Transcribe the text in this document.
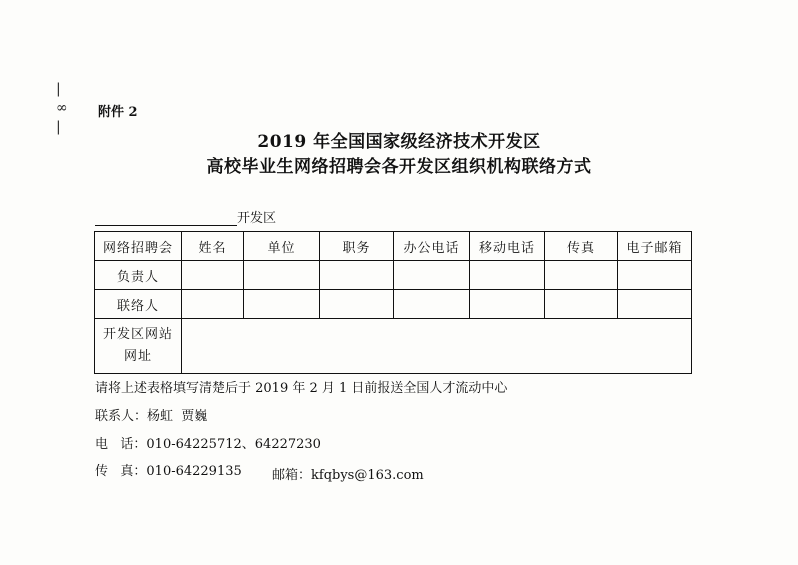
|
∞
|
附件 2
2019 年全国国家级经济技术开发区
高校毕业生网络招聘会各开发区组织机构联络方式
开发区
网络招聘会	姓名	单位	职务	办公电话	移动电话	传真	电子邮箱
负责人							
联络人							

开发区网站
网址							

请将上述表格填写清楚后于 2019 年 2 月 1 日前报送全国人才流动中心
联系人：杨虹  贾巍
电   话：010-64225712、64227230
传   真：010-64229135 邮箱：kfqbys@163.com
